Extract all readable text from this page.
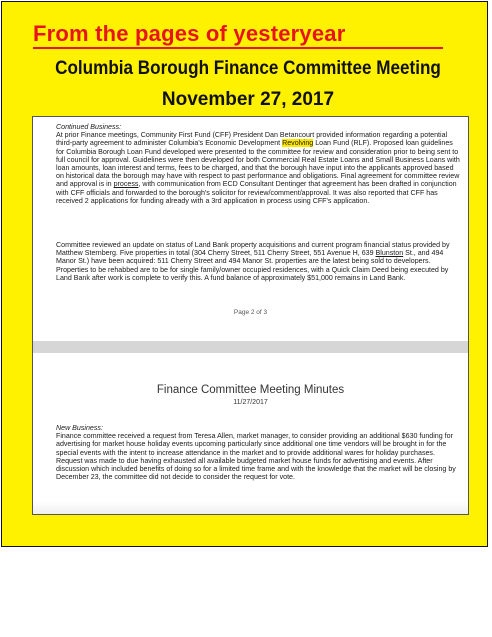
From the pages of yesteryear
Columbia Borough Finance Committee Meeting
November 27, 2017

Continued Business:
At prior Finance meetings, Community First Fund (CFF) President Dan Betancourt provided information regarding a potential third-party agreement to administer Columbia's Economic Development Revolving Loan Fund (RLF). Proposed loan guidelines for Columbia Borough Loan Fund developed were presented to the committee for review and consideration prior to being sent to full council for approval. Guidelines were then developed for both Commercial Real Estate Loans and Small Business Loans with loan amounts, loan interest and terms, fees to be charged, and that the borough have input into the applicants approved based on historical data the borough may have with respect to past performance and obligations. Final agreement for committee review and approval is in process, with communication from ECD Consultant Dentinger that agreement has been drafted in conjunction with CFF officials and forwarded to the borough's solicitor for review/comment/approval. It was also reported that CFF has received 2 applications for funding already with a 3rd application in process using CFF's application.

Committee reviewed an update on status of Land Bank property acquisitions and current program financial status provided by Matthew Sternberg. Five properties in total (304 Cherry Street, 511 Cherry Street, 551 Avenue H, 639 Blunston St., and 494 Manor St.) have been acquired: 511 Cherry Street and 494 Manor St. properties are the latest being sold to developers. Properties to be rehabbed are to be for single family/owner occupied residences, with a Quick Claim Deed being executed by Land Bank after work is complete to verify this. A fund balance of approximately $51,000 remains in Land Bank.

Page 2 of 3
Finance Committee Meeting Minutes
11/27/2017

New Business:
Finance committee received a request from Teresa Allen, market manager, to consider providing an additional $630 funding for advertising for market house holiday events upcoming particularly since additional one time vendors will be brought in for the special events with the intent to increase attendance in the market and to provide additional wares for holiday purchases. Request was made to due having exhausted all available budgeted market house funds for advertising and events. After discussion which included benefits of doing so for a limited time frame and with the knowledge that the market will be closing by December 23, the committee did not decide to consider the request for vote.
